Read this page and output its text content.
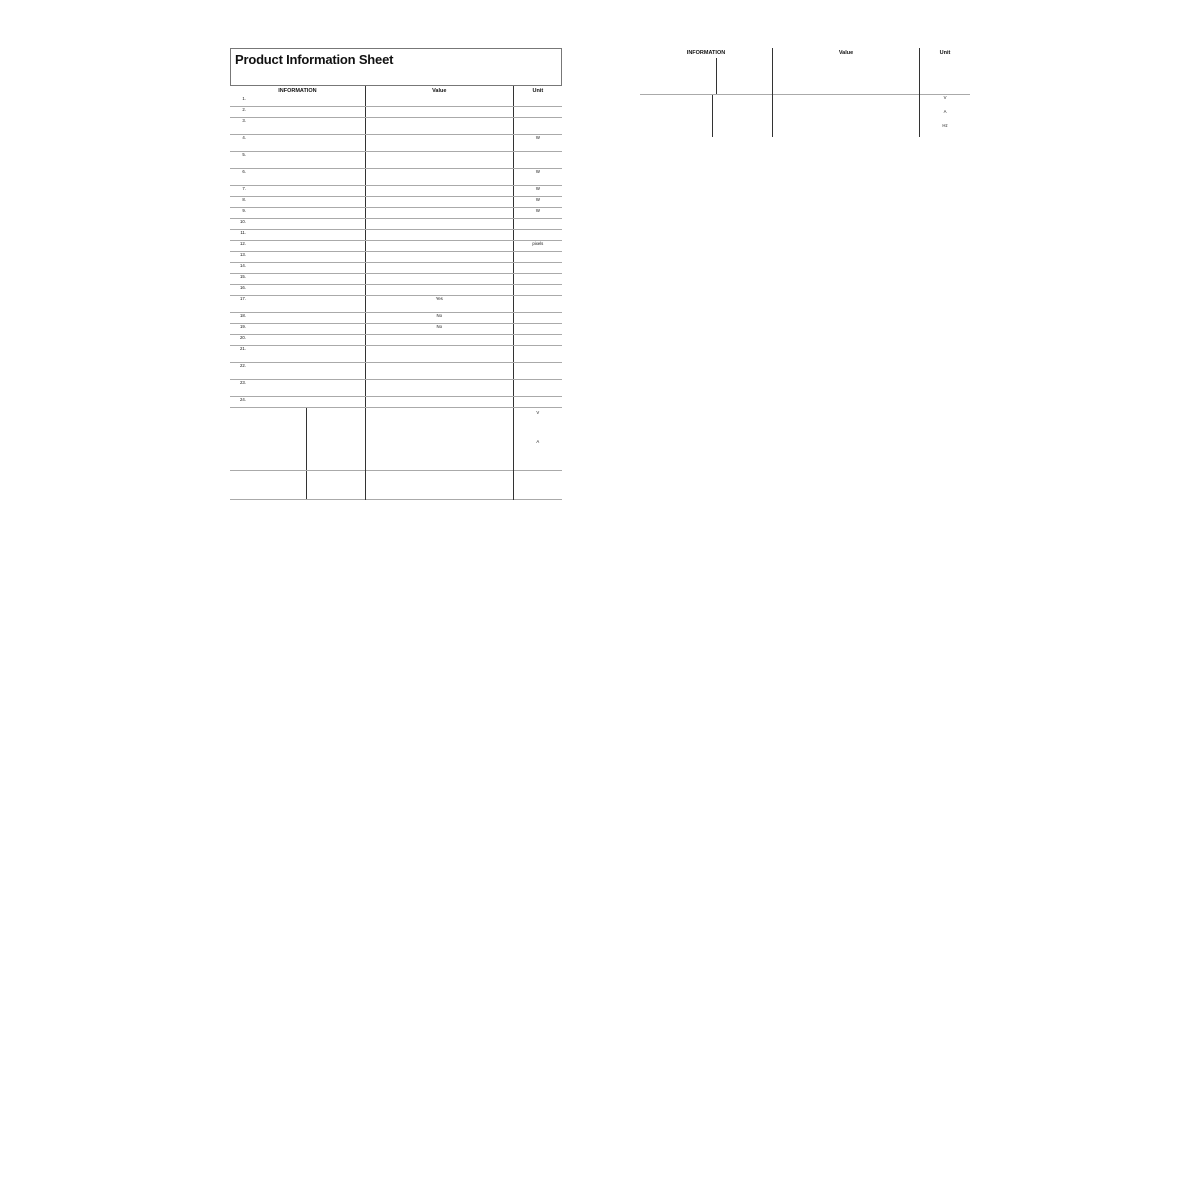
Product Information Sheet
INFORMATION	Value	Unit
1.		
2.		
3.		
4.		W
5.		
6.		W
7.		W
8.		W
9.		W
10.		
11.		
12.		pixels
13.		
14.		
15.		
16.		
17.	Yes	
18.	No	
19.	No	
20.		
21.		
22.		
23.		
24.		

		V
		A

INFORMATION	Value	Unit

		V

		A

		Hz
